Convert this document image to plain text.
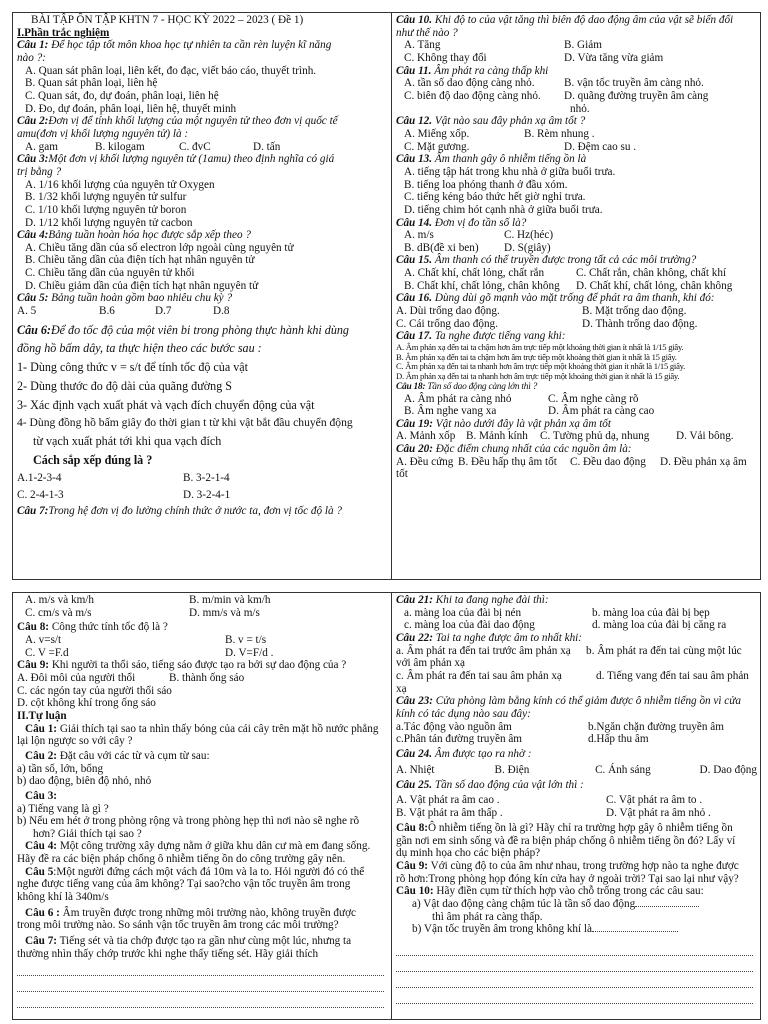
BÀI TẬP ÔN TẬP KHTN 7 - HỌC KỲ 2022 – 2023 ( Đề 1)
I.Phần trắc nghiệm
Câu 1: Để học tập tốt môn khoa học tự nhiên ta cần rèn luyện kĩ năng
nào ?:
A. Quan sát phân loại, liên kết, đo đạc, viết báo cáo, thuyết trình.
B. Quan sát phân loại, liên hệ
C. Quan sát, đo, dự đoán, phân loại, liên hệ
D. Đo, dự đoán, phân loại, liên hệ, thuyết minh
Câu 2:Đơn vị để tính khối lượng của một nguyên tử theo đơn vị quốc tế
amu(đơn vị khối lượng nguyên tử) là :
A. gam	B. kilogam	C. đvC	D. tấn
Câu 3:Một đơn vị khối lượng nguyên tử (1amu) theo định nghĩa có giá
trị bằng ?
A. 1/16 khối lượng của nguyên tử Oxygen
B. 1/32 khối lượng nguyên tử sulfur
C. 1/10 khối lượng nguyên tử boron
D. 1/12 khối lượng nguyên tử cacbon
Câu 4:Bảng tuần hoàn hóa học được sắp xếp theo ?
A. Chiều tăng dần của số electron lớp ngoài cùng nguyên tử
B. Chiều tăng dần của điện tích hạt nhân nguyên tử
C. Chiều tăng dần của nguyên tử khối
D. Chiều giảm dần của điện tích hạt nhân nguyên tử
Câu 5: Bảng tuần hoàn gồm bao nhiêu chu kỳ ?
A. 5	B.6	D.7	D.8
Câu 6:Để đo tốc độ của một viên bi trong phòng thực hành khi dùng
đồng hồ bấm dây, ta thực hiện theo các bước sau :
1- Dùng công thức v = s/t để tính tốc độ của vật
2- Dùng thước đo độ dài của quãng đường S
3- Xác định vạch xuất phát và vạch đích chuyển động của vật
4- Dùng đồng hồ bấm giây đo thời gian t từ khi vật bắt đầu chuyển động
từ vạch xuất phát tới khi qua vạch đích
Cách sắp xếp đúng là ?
A.1-2-3-4	B. 3-2-1-4
C. 2-4-1-3	D. 3-2-4-1
Câu 7:Trong hệ đơn vị đo lường chính thức ở nước ta, đơn vị tốc độ là ?
Câu 10. Khi độ to của vật tăng thì biên độ dao động âm của vật sẽ biến đổi
như thế nào ?
A. Tăng	B. Giảm
C. Không thay đổi	D. Vừa tăng vừa giảm
Câu 11. Âm phát ra càng thấp khi
A. tần số dao động càng nhỏ.	B. vận tốc truyền âm càng nhỏ.
C. biên độ dao động càng nhỏ.	D. quãng đường truyền âm càng
nhỏ.
Câu 12. Vật nào sau đây phản xạ âm tốt ?
A. Miếng xốp.	B. Rèm nhung .
C. Mặt gương.	D. Đệm cao su .
Câu 13. Âm thanh gây ô nhiễm tiếng ồn là
A. tiếng tập hát trong khu nhà ở giữa buổi trưa.
B. tiếng loa phóng thanh ở đầu xóm.
C. tiếng kẻng báo thức hết giờ nghỉ trưa.
D. tiếng chim hót cạnh nhà ở giữa buổi trưa.
Câu 14. Đơn vị đo tần số là?
A. m/s	C. Hz(héc)
B. dB(đề xi ben)	D. S(giây)
Câu 15. Âm thanh có thể truyền được trong tất cả các môi trường?
A. Chất khí, chất lỏng, chất rắn	C. Chất rắn, chân không, chất khí
B. Chất khí, chất lỏng, chân không	D. Chất khí, chất lỏng, chân không
Câu 16. Dùng dùi gõ mạnh vào mặt trống để phát ra âm thanh, khi đó:
A. Dùi trống dao động.	B. Mặt trống dao động.
C. Cái trống dao động.	D. Thành trống dao động.
Câu 17. Ta nghe được tiếng vang khi:
A. Âm phản xạ đến tai ta chậm hơn âm trực tiếp một khoảng thời gian ít nhất là 1/15 giây.
B. Âm phản xạ đến tai ta chậm hơn âm trực tiếp một khoảng thời gian ít nhất là 15 giây.
C. Âm phản xạ đến tai ta nhanh hơn âm trực tiếp một khoảng thời gian ít nhất là 1/15 giây.
D. Âm phản xạ đến tai ta nhanh hơn âm trực tiếp một khoảng thời gian ít nhất là 15 giây.
Câu 18: Tần số dao động càng lớn thì ?
A. Âm phát ra càng nhỏ	C. Âm nghe càng rõ
B. Âm nghe vang xa	D. Âm phát ra càng cao
Câu 19: Vật nào dưới đây là vật phản xạ âm tốt
A. Mảnh xốp B. Mảnh kính	C. Tường phủ dạ, nhung	D. Vải bông.
Câu 20: Đặc điểm chung nhất của các nguồn âm là:
A. Đều cứng B. Đều hấp thụ âm tốt	C. Đều dao động	D. Đều phản xạ âm
tốt
A. m/s và km/h	B. m/min và km/h
C. cm/s và m/s	D. mm/s và m/s
Câu 8: Công thức tính tốc độ là ?
A. v=s/t	B. v = t/s
C. V =F.d	D. V=F/d .
Câu 9: Khi người ta thổi sáo, tiếng sáo được tạo ra bởi sự dao động của ?
A. Đôi môi của người thổi	B. thành ống sáo
C. các ngón tay của người thổi sáo
D. cột không khí trong ống sáo
II.Tự luận
Câu 1: Giải thích tại sao ta nhìn thấy bóng của cái cây trên mặt hồ nước phẳng
lại lộn ngược so với cây ?
Câu 2: Đặt câu với các từ và cụm từ sau:
a) tần số, lớn, bổng
b) dao động, biên độ nhỏ, nhỏ
Câu 3:
a) Tiếng vang là gì ?
b) Nếu em hét ở trong phòng rộng và trong phòng hẹp thì nơi nào sẽ nghe rõ
hơn? Giải thích tại sao ?
Câu 4: Một công trường xây dựng nằm ở giữa khu dân cư mà em đang sống.
Hãy đề ra các biện pháp chống ô nhiễm tiếng ồn do công trường gây nên.
Câu 5:Một người đứng cách một vách đá 10m và la to. Hỏi người đó có thể
nghe được tiếng vang của âm không? Tại sao?cho vận tốc truyền âm trong
không khí là 340m/s
Câu 6 : Âm truyền được trong những môi trường nào, không truyền được
trong môi trường nào. So sánh vận tốc truyền âm trong các môi trường?
Câu 7: Tiếng sét và tia chớp được tạo ra gần như cùng một lúc, nhưng ta
thường nhìn thấy chớp trước khi nghe thấy tiếng sét. Hãy giải thích
Câu 21: Khi ta đang nghe đài thì:
a. màng loa của đài bị nén	b. màng loa của đài bị bẹp
c. màng loa của đài dao động	d. màng loa của đài bị căng ra
Câu 22: Tai ta nghe được âm to nhất khi:
a. Âm phát ra đến tai trước âm phản xạ	b. Âm phát ra đến tai cùng một lúc
với âm phản xạ
c. Âm phát ra đến tai sau âm phản xạ	d. Tiếng vang đến tai sau âm phản
xạ
Câu 23: Cửa phòng làm bằng kính có thể giảm được ô nhiễm tiếng ồn vì cửa
kính có tác dụng nào sau đây:
a.Tác động vào nguồn âm	b.Ngăn chặn đường truyền âm
c.Phân tán đường truyền âm	d.Hấp thu âm
Câu 24. Âm được tạo ra nhờ :
A. Nhiệt	B. Điện	C. Ánh sáng	D. Dao động
Câu 25. Tần số dao động của vật lớn thì :
A. Vật phát ra âm cao .	C. Vật phát ra âm to .
B. Vật phát ra âm thấp .	D. Vật phát ra âm nhỏ .
Câu 8:Ô nhiễm tiếng ồn là gì? Hãy chỉ ra trường hợp gây ô nhiễm tiếng ồn
gần nơi em sinh sống và đề ra biện pháp chống ô nhiễm tiếng ồn đó? Lấy ví
dụ minh họa cho các biện pháp?
Câu 9: Với cùng độ to của âm như nhau, trong trường hợp nào ta nghe được
rõ hơn:Trong phòng họp đóng kín cửa hay ở ngoài trời? Tại sao lại như vậy?
Câu 10: Hãy điền cụm từ thích hợp vào chỗ trống trong các câu sau:
a) Vật dao động càng chậm túc là tần số dao động
thì âm phát ra càng thấp.
b) Vận tốc truyền âm trong không khí là
